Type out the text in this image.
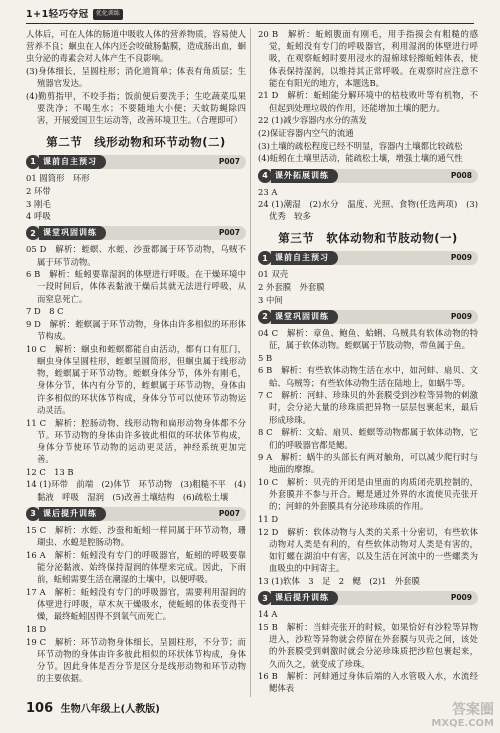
1+1轻巧夺冠	优化训练

人体后，可在人体的肠道中吸收人体的营养物质，容易使人营养不良；蛔虫在人体内还会咬破肠黏膜，造成肠出血，蛔虫分泌的毒素会对人体产生不良影响。

(3)身体细长，呈圆柱形；消化道简单；体表有角质层；生殖器官发达。

(4)勤剪指甲，不咬手指；饭前便后要洗手；生吃蔬菜瓜果要洗净；不喝生水；不要随地大小便；天蚊防蝇除四害，开展爱国卫生运动等，改善环境卫生。（合理即可）

第二节　线形动物和环节动物(二)
1 课前自主预习	P007

01 圆筒形　环形

2 环带

3 刚毛

4 呼吸

2 课堂巩固训练	P007

05 D　解析：蛭螟、水蛭、沙蚕都属于环节动物，乌贼不属于环节动物。

6 B　解析：蚯蚓要靠湿润的体壁进行呼吸。在干燥环境中一段时间后，体体表黏液干燥后其就无法进行呼吸，从而窒息死亡。

7 D　8 C

9 D　解析：蛭螟属于环节动物，身体由许多相似的环形体节构成。

10 C　解析：蛔虫和蛭螟都能自由活动，都有口有肛门，蛔虫身体呈圆柱形，蛭螟呈圆筒形，但蛔虫属于线形动物，蛭螟属于环节动物。蛭螟身体分节，体外有刚毛，身体分节，体内有分节的，蛭螟属于环节动物，身体由许多相似的环状体节构成，身体分节可以使环节动物运动灵活。

11 C　解析：腔肠动物、线形动物和扁形动物身体都不分节。环节动物的身体由许多彼此相似的环状体节构成，身体分节使环节动物的运动更灵活，神经系统更加完善。

12 C　13 B

14 (1)环带　前端　(2)体节　环节动物　(3)粗糙不平　(4)黏液　呼吸　湿润　(5)改善土壤结构　(6)疏松土壤

3 课后提升训练	P007

15 C　解析：水蛭、沙蚕和蚯蚓一样同属于环节动物，珊瑚虫、水螅是腔肠动物。

16 A　解析：蚯蚓没有专门的呼吸器官，蚯蚓的呼吸要靠能分泌黏液、始终保持湿润的体壁来完成。因此，下雨前，蚯蚓需要生活在潮湿的土壤中，以便呼吸。

17 A　解析：蚯蚓没有专门的呼吸器官，需要利用湿润的体壁进行呼吸，草木灰干燥吸水，使蚯蚓的体表变得干燥，最终蚯蚓因得不到氧气而死亡。

18 D

19 C　解析：环节动物身体细长，呈圆柱形，不分节；而环节动物的身体由许多彼此相似的环状体节构成，身体分节。因此身体是否分节是区分是线形动物和环节动物的主要依据。

20 B　解析：蚯蚓腹面有刚毛，用手指摸会有粗糙的感觉，蚯蚓没有专门的呼吸器官，利用湿润的体壁进行呼吸，在观察蚯蚓时要用浸水的湿棉球轻擦蚯蚓体表，使体表保持湿润，以维持其正常呼吸。在观察时应注意不能在有阳光的地方，本题选B。

21 D　解析：蚯蚓能分解环境中的枯枝败叶等有机物，不但起到处理垃圾的作用，还能增加土壤的肥力。

22 (1)减少容器内水分的蒸发

(2)保证容器内空气的流通

(3)土壤的疏松程度已经不明显，容器内土壤都比较疏松

(4)蚯蚓在土壤里活动，能疏松土壤，增强土壤的通气性

4 课外拓展训练	P008

23 A

24 (1)潮湿　(2)水分　温度、光照、食物(任选两项)　(3)优秀　较多

第三节　软体动物和节肢动物(一)
1 课前自主预习	P009

01 双壳

2 外套膜　外套膜

3 中间

2 课堂巩固训练	P009

04 C　解析：章鱼、鲍鱼、蛤蜊、乌贼具有软体动物的特征，属于软体动物。蛭螟属于节肢动物，带鱼属于鱼。

5 B

6 B　解析：有些软体动物生活在水中，如河蚌、扇贝、文蛤、乌贼等；有些软体动物生活在陆地上，如蜗牛等。

7 C　解析：河蚌、珍珠贝的外套膜受到沙粒等异物的刺激时，会分泌大量的珍珠质把异物一层层包裹起来，最后形成珍珠。

8 C　解析：文蛤、扇贝、蛭螟等动物都属于软体动物，它们的呼吸器官都是鳃。

9 A　解析：蜗牛的头部长有两对触角，可以减少爬行时与地面的摩擦。

10 C　解析：贝壳的开闭是由里面的肉质闭壳肌控制的，外套膜并不参与开合。鳃是通过外界的水流使贝壳张开的；河蚌的外套膜具有分泌珍珠质的作用。

11 D

12 D　解析：软体动物与人类的关系十分密切，有些软体动物对人类是有利的，有些软体动物对人类是有害的，如钉螺在湖泊中有害，以及生活在河流中的一些螺类为血吸虫的中间寄主。

13 (1)软体　3　足　2　鳃　(2)1　外套膜

3 课后提升训练	P009

14 A

15 B　解析：当蚌壳张开的时候，如果恰好有沙粒等异物进入，沙粒等异物就会停留在外套膜与贝壳之间，该处的外套膜受到刺激时就会分泌珍珠质把沙粒包裹起来，久而久之，就变成了珍珠。

16 B　解析：河蚌通过身体后端的入水管吸入水，水流经鳃体表

106 生物八年级上(人教版)	答案圈
MXQE.COM
